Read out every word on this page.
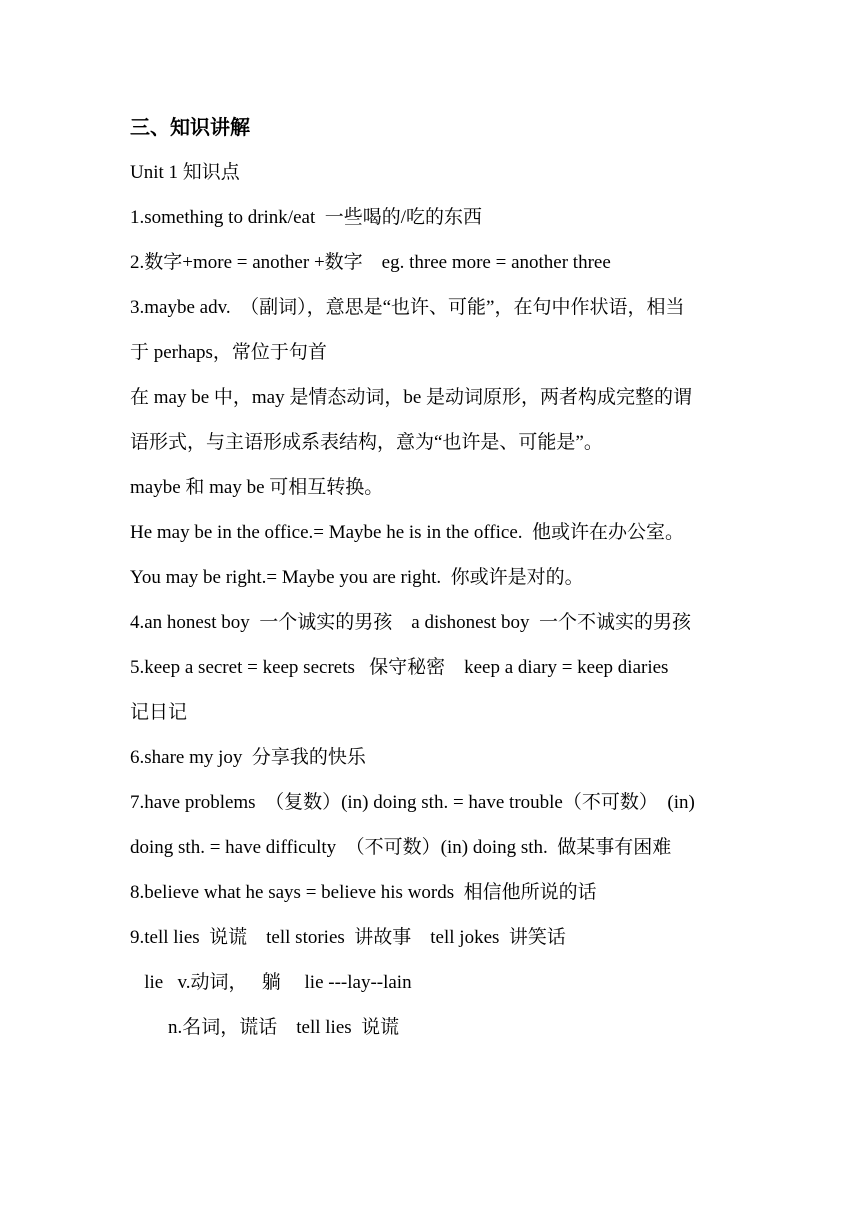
三、知识讲解
Unit 1 知识点
1.something to drink/eat  一些喝的/吃的东西
2.数字+more = another +数字    eg. three more = another three
3.maybe adv.  （副词），意思是“也许、可能”，在句中作状语，相当
于 perhaps，常位于句首
在 may be 中，may 是情态动词，be 是动词原形，两者构成完整的谓
语形式，与主语形成系表结构，意为“也许是、可能是”。
maybe 和 may be 可相互转换。
He may be in the office.= Maybe he is in the office.  他或许在办公室。
You may be right.= Maybe you are right.  你或许是对的。
4.an honest boy  一个诚实的男孩    a dishonest boy  一个不诚实的男孩
5.keep a secret = keep secrets   保守秘密    keep a diary = keep diaries
记日记
6.share my joy  分享我的快乐
7.have problems  （复数）(in) doing sth. = have trouble（不可数）  (in)
doing sth. = have difficulty  （不可数）(in) doing sth.  做某事有困难
8.believe what he says = believe his words  相信他所说的话
9.tell lies  说谎    tell stories  讲故事    tell jokes  讲笑话
lie   v.动词，   躺     lie ---lay--lain
n.名词，谎话    tell lies  说谎
